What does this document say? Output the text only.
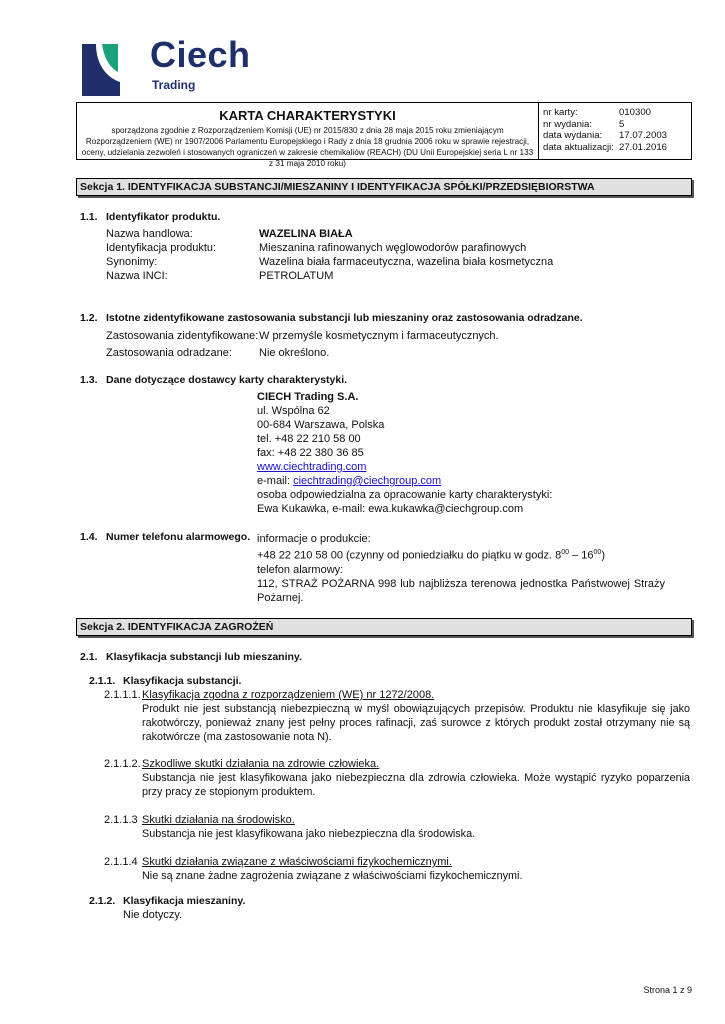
Ciech
Trading
KARTA CHARAKTERYSTYKI
sporządzona zgodnie z Rozporządzeniem Komisji (UE) nr 2015/830 z dnia 28 maja 2015 roku zmieniającym Rozporządzeniem (WE) nr 1907/2006 Parlamentu Europejskiego i Rady z dnia 18 grudnia 2006 roku w sprawie rejestracji, oceny, udzielania zezwoleń i stosowanych ograniczeń w zakresie chemikaliów (REACH) (DU Unii Europejskiej seria L nr 133 z 31 maja 2010 roku)
nr karty:	010300
nr wydania:	5
data wydania:	17.07.2003
data aktualizacji: 27.01.2016
Sekcja 1. IDENTYFIKACJA SUBSTANCJI/MIESZANINY I IDENTYFIKACJA SPÓŁKI/PRZEDSIĘBIORSTWA
1.1. Identyfikator produktu.
Nazwa handlowa:	WAZELINA BIAŁA
Identyfikacja produktu:	Mieszanina rafinowanych węglowodorów parafinowych
Synonimy:	Wazelina biała farmaceutyczna, wazelina biała kosmetyczna
Nazwa INCI:	PETROLATUM
1.2. Istotne zidentyfikowane zastosowania substancji lub mieszaniny oraz zastosowania odradzane.
Zastosowania zidentyfikowane: W przemyśle kosmetycznym i farmaceutycznych.
Zastosowania odradzane:	Nie określono.
1.3. Dane dotyczące dostawcy karty charakterystyki.
CIECH Trading S.A.
ul. Wspólna 62
00-684 Warszawa, Polska
tel. +48 22 210 58 00
fax: +48 22 380 36 85
www.ciechtrading.com
e-mail: ciechtrading@ciechgroup.com
osoba odpowiedzialna za opracowanie karty charakterystyki:
Ewa Kukawka, e-mail: ewa.kukawka@ciechgroup.com
1.4. Numer telefonu alarmowego. informacje o produkcie:
+48 22 210 58 00 (czynny od poniedziałku do piątku w godz. $8^{00} - 16^{00}$)
telefon alarmowy:
112, STRAŻ POŻARNA 998 lub najbliższa terenowa jednostka Państwowej Straży Pożarnej.
Sekcja 2. IDENTYFIKACJA ZAGROŻEŃ
2.1. Klasyfikacja substancji lub mieszaniny.
2.1.1. Klasyfikacja substancji.
2.1.1.1.Klasyfikacja zgodna z rozporządzeniem (WE) nr 1272/2008.
Produkt nie jest substancją niebezpieczną w myśl obowiązujących przepisów. Produktu nie klasyfikuje się jako rakotwórczy, ponieważ znany jest pełny proces rafinacji, zaś surowce z których produkt został otrzymany nie są rakotwórcze (ma zastosowanie nota N).
2.1.1.2.Szkodliwe skutki działania na zdrowie człowieka.
Substancja nie jest klasyfikowana jako niebezpieczna dla zdrowia człowieka. Może wystąpić ryzyko poparzenia przy pracy ze stopionym produktem.
2.1.1.3 Skutki działania na środowisko.
Substancja nie jest klasyfikowana jako niebezpieczna dla środowiska.
2.1.1.4 Skutki działania związane z właściwościami fizykochemicznymi.
Nie są znane żadne zagrożenia związane z właściwościami fizykochemicznymi.
2.1.2. Klasyfikacja mieszaniny.
Nie dotyczy.
Strona 1 z 9
